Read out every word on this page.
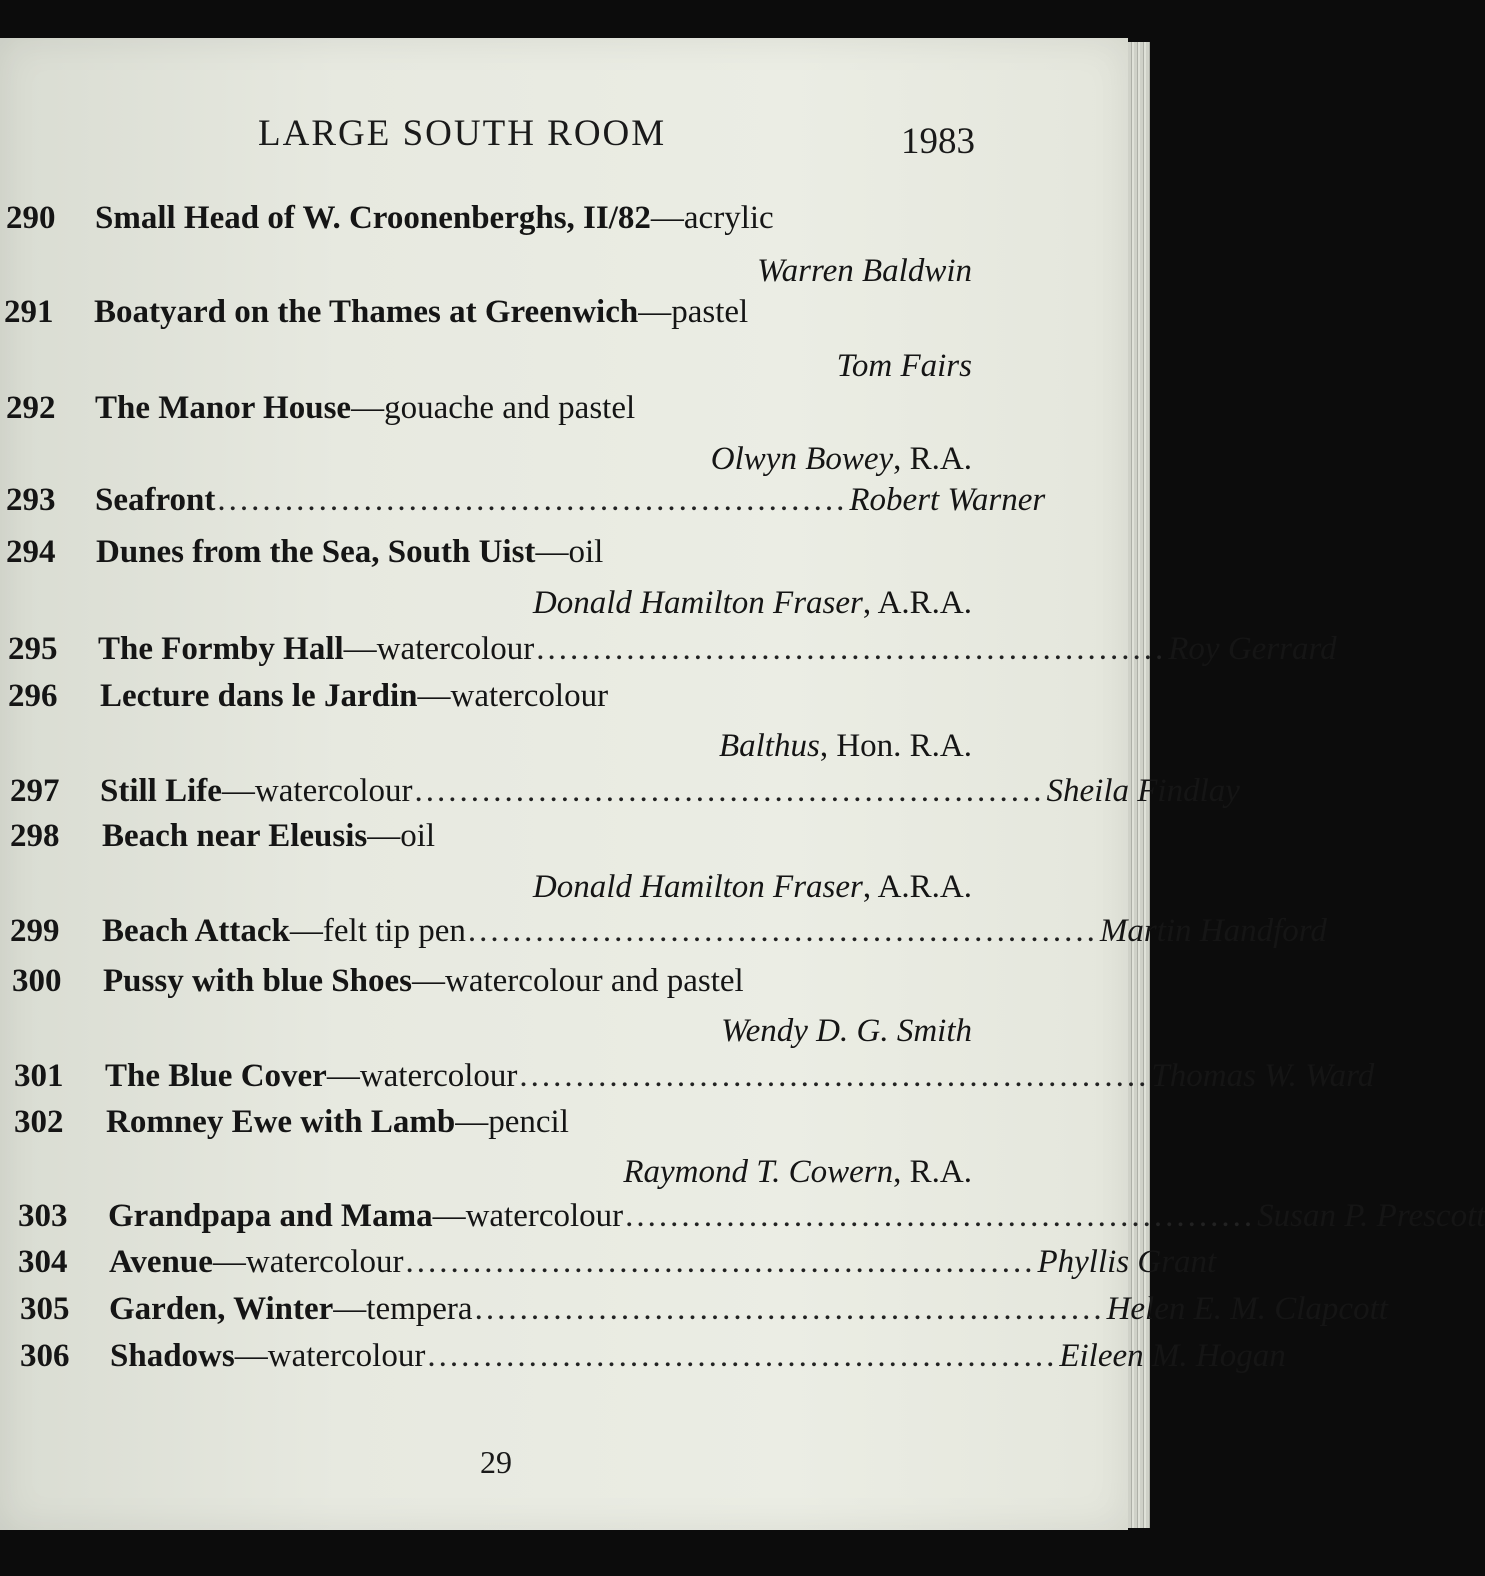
LARGE SOUTH ROOM	1983
290 Small Head of W. Croonenberghs, II/82 —acrylic
Warren Baldwin
291 Boatyard on the Thames at Greenwich —pastel
Tom Fairs
292 The Manor House —gouache and pastel
Olwyn Bowey, R.A.
293 Seafront ........................................................ Robert Warner
294 Dunes from the Sea, South Uist —oil
Donald Hamilton Fraser, A.R.A.
295 The Formby Hall —watercolour ........................................................ Roy Gerrard
296 Lecture dans le Jardin —watercolour
Balthus, Hon. R.A.
297 Still Life —watercolour ........................................................ Sheila Findlay
298 Beach near Eleusis —oil
Donald Hamilton Fraser, A.R.A.
299 Beach Attack —felt tip pen ........................................................ Martin Handford
300 Pussy with blue Shoes —watercolour and pastel
Wendy D. G. Smith
301 The Blue Cover —watercolour ........................................................ Thomas W. Ward
302 Romney Ewe with Lamb —pencil
Raymond T. Cowern, R.A.
303 Grandpapa and Mama —watercolour ........................................................ Susan P. Prescott
304 Avenue —watercolour ........................................................ Phyllis Grant
305 Garden, Winter —tempera ........................................................ Helen E. M. Clapcott
306 Shadows —watercolour ........................................................ Eileen M. Hogan
29
